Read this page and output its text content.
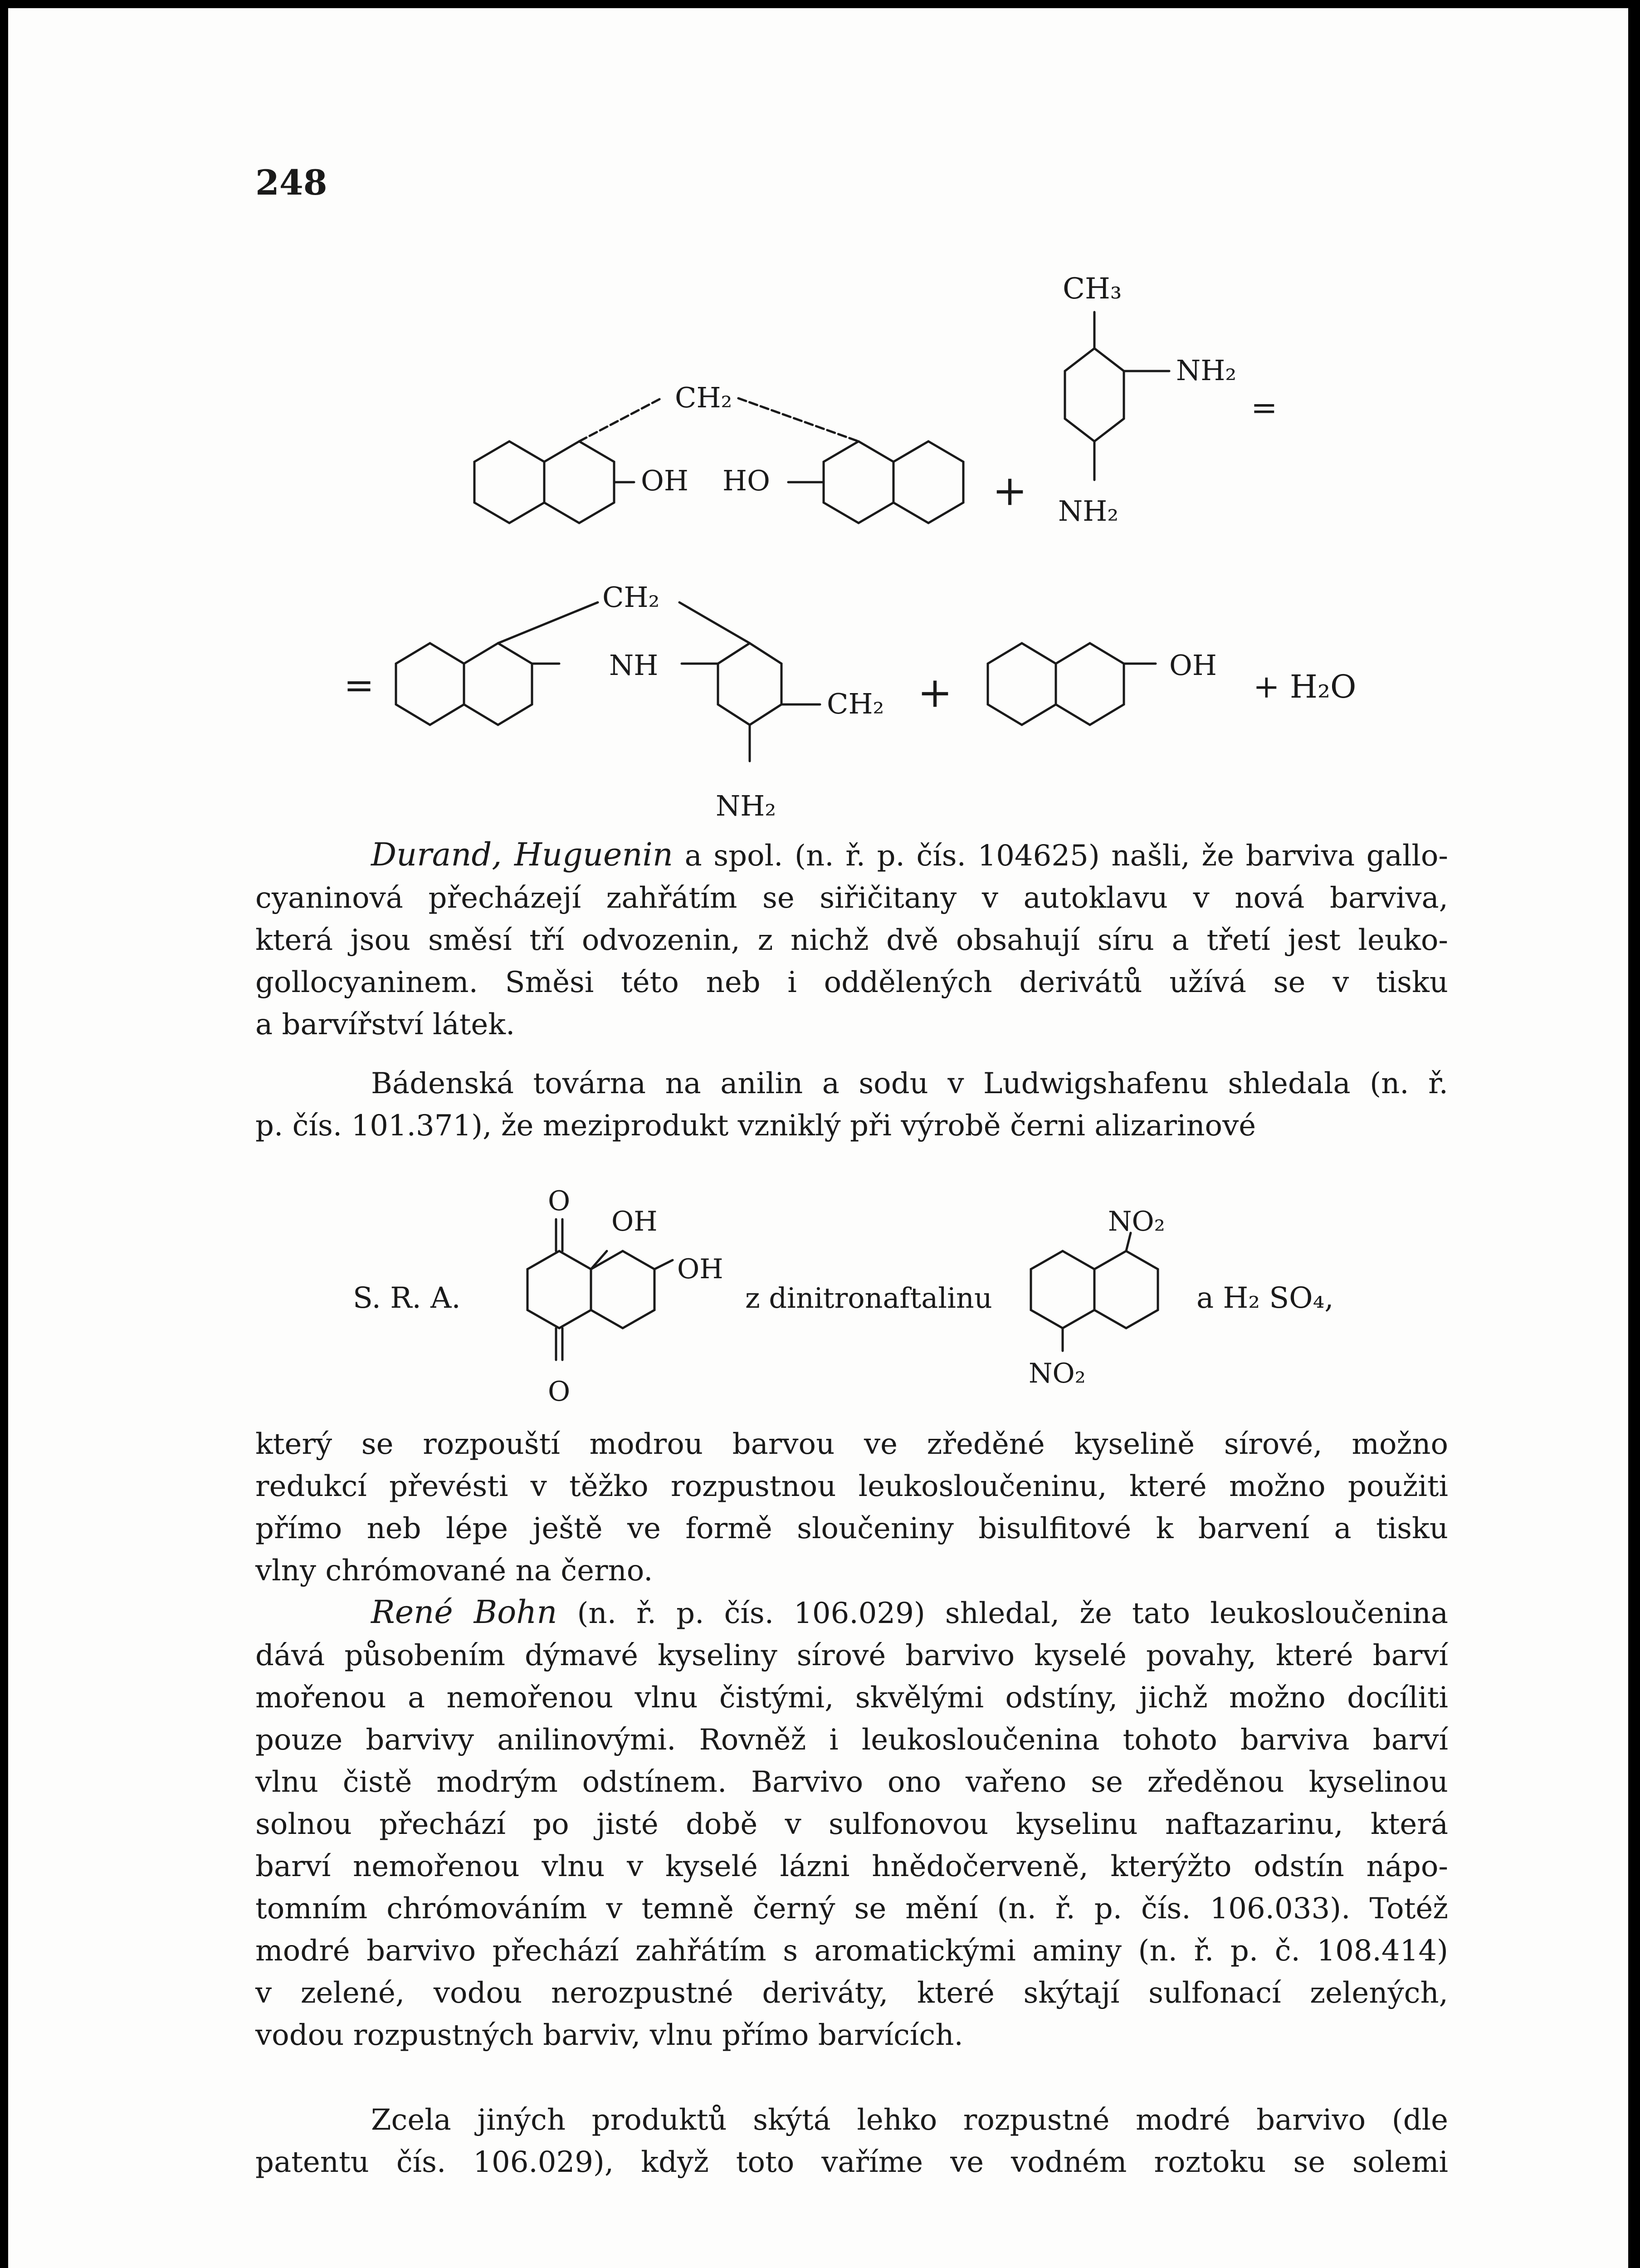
248
CH₃
CH₂
OH HO	+
NH₂
NH₂
=
=
CH₂
NH
CH₂ +
OH
+ H₂O
NH₂
S. R. A.
O
OH
OH
O
z dinitronaftalinu
NO₂
NO₂
a H₂ SO₄,
Durand, Huguenin a spol. (n. ř. p. čís. 104625) našli, že barviva gallo-
cyaninová přecházejí zahřátím se siřičitany v autoklavu v nová barviva,
která jsou směsí tří odvozenin, z nichž dvě obsahují síru a třetí jest leuko-
gollocyaninem. Směsi této neb i oddělených derivátů užívá se v tisku
a barvířství látek.
Bádenská továrna na anilin a sodu v Ludwigshafenu shledala (n. ř.
p. čís. 101.371), že meziprodukt vzniklý při výrobě černi alizarinové
který se rozpouští modrou barvou ve zředěné kyselině sírové, možno
redukcí převésti v těžko rozpustnou leukosloučeninu, které možno použiti
přímo neb lépe ještě ve formě sloučeniny bisulfitové k barvení a tisku
vlny chrómované na černo.
René Bohn (n. ř. p. čís. 106.029) shledal, že tato leukosloučenina
dává působením dýmavé kyseliny sírové barvivo kyselé povahy, které barví
mořenou a nemořenou vlnu čistými, skvělými odstíny, jichž možno docíliti
pouze barvivy anilinovými. Rovněž i leukosloučenina tohoto barviva barví
vlnu čistě modrým odstínem. Barvivo ono vařeno se zředěnou kyselinou
solnou přechází po jisté době v sulfonovou kyselinu naftazarinu, která
barví nemořenou vlnu v kyselé lázni hnědočerveně, kterýžto odstín nápo-
tomním chrómováním v temně černý se mění (n. ř. p. čís. 106.033). Totéž
modré barvivo přechází zahřátím s aromatickými aminy (n. ř. p. č. 108.414)
v zelené, vodou nerozpustné deriváty, které skýtají sulfonací zelených,
vodou rozpustných barviv, vlnu přímo barvících.
Zcela jiných produktů skýtá lehko rozpustné modré barvivo (dle
patentu čís. 106.029), když toto vaříme ve vodném roztoku se solemi
